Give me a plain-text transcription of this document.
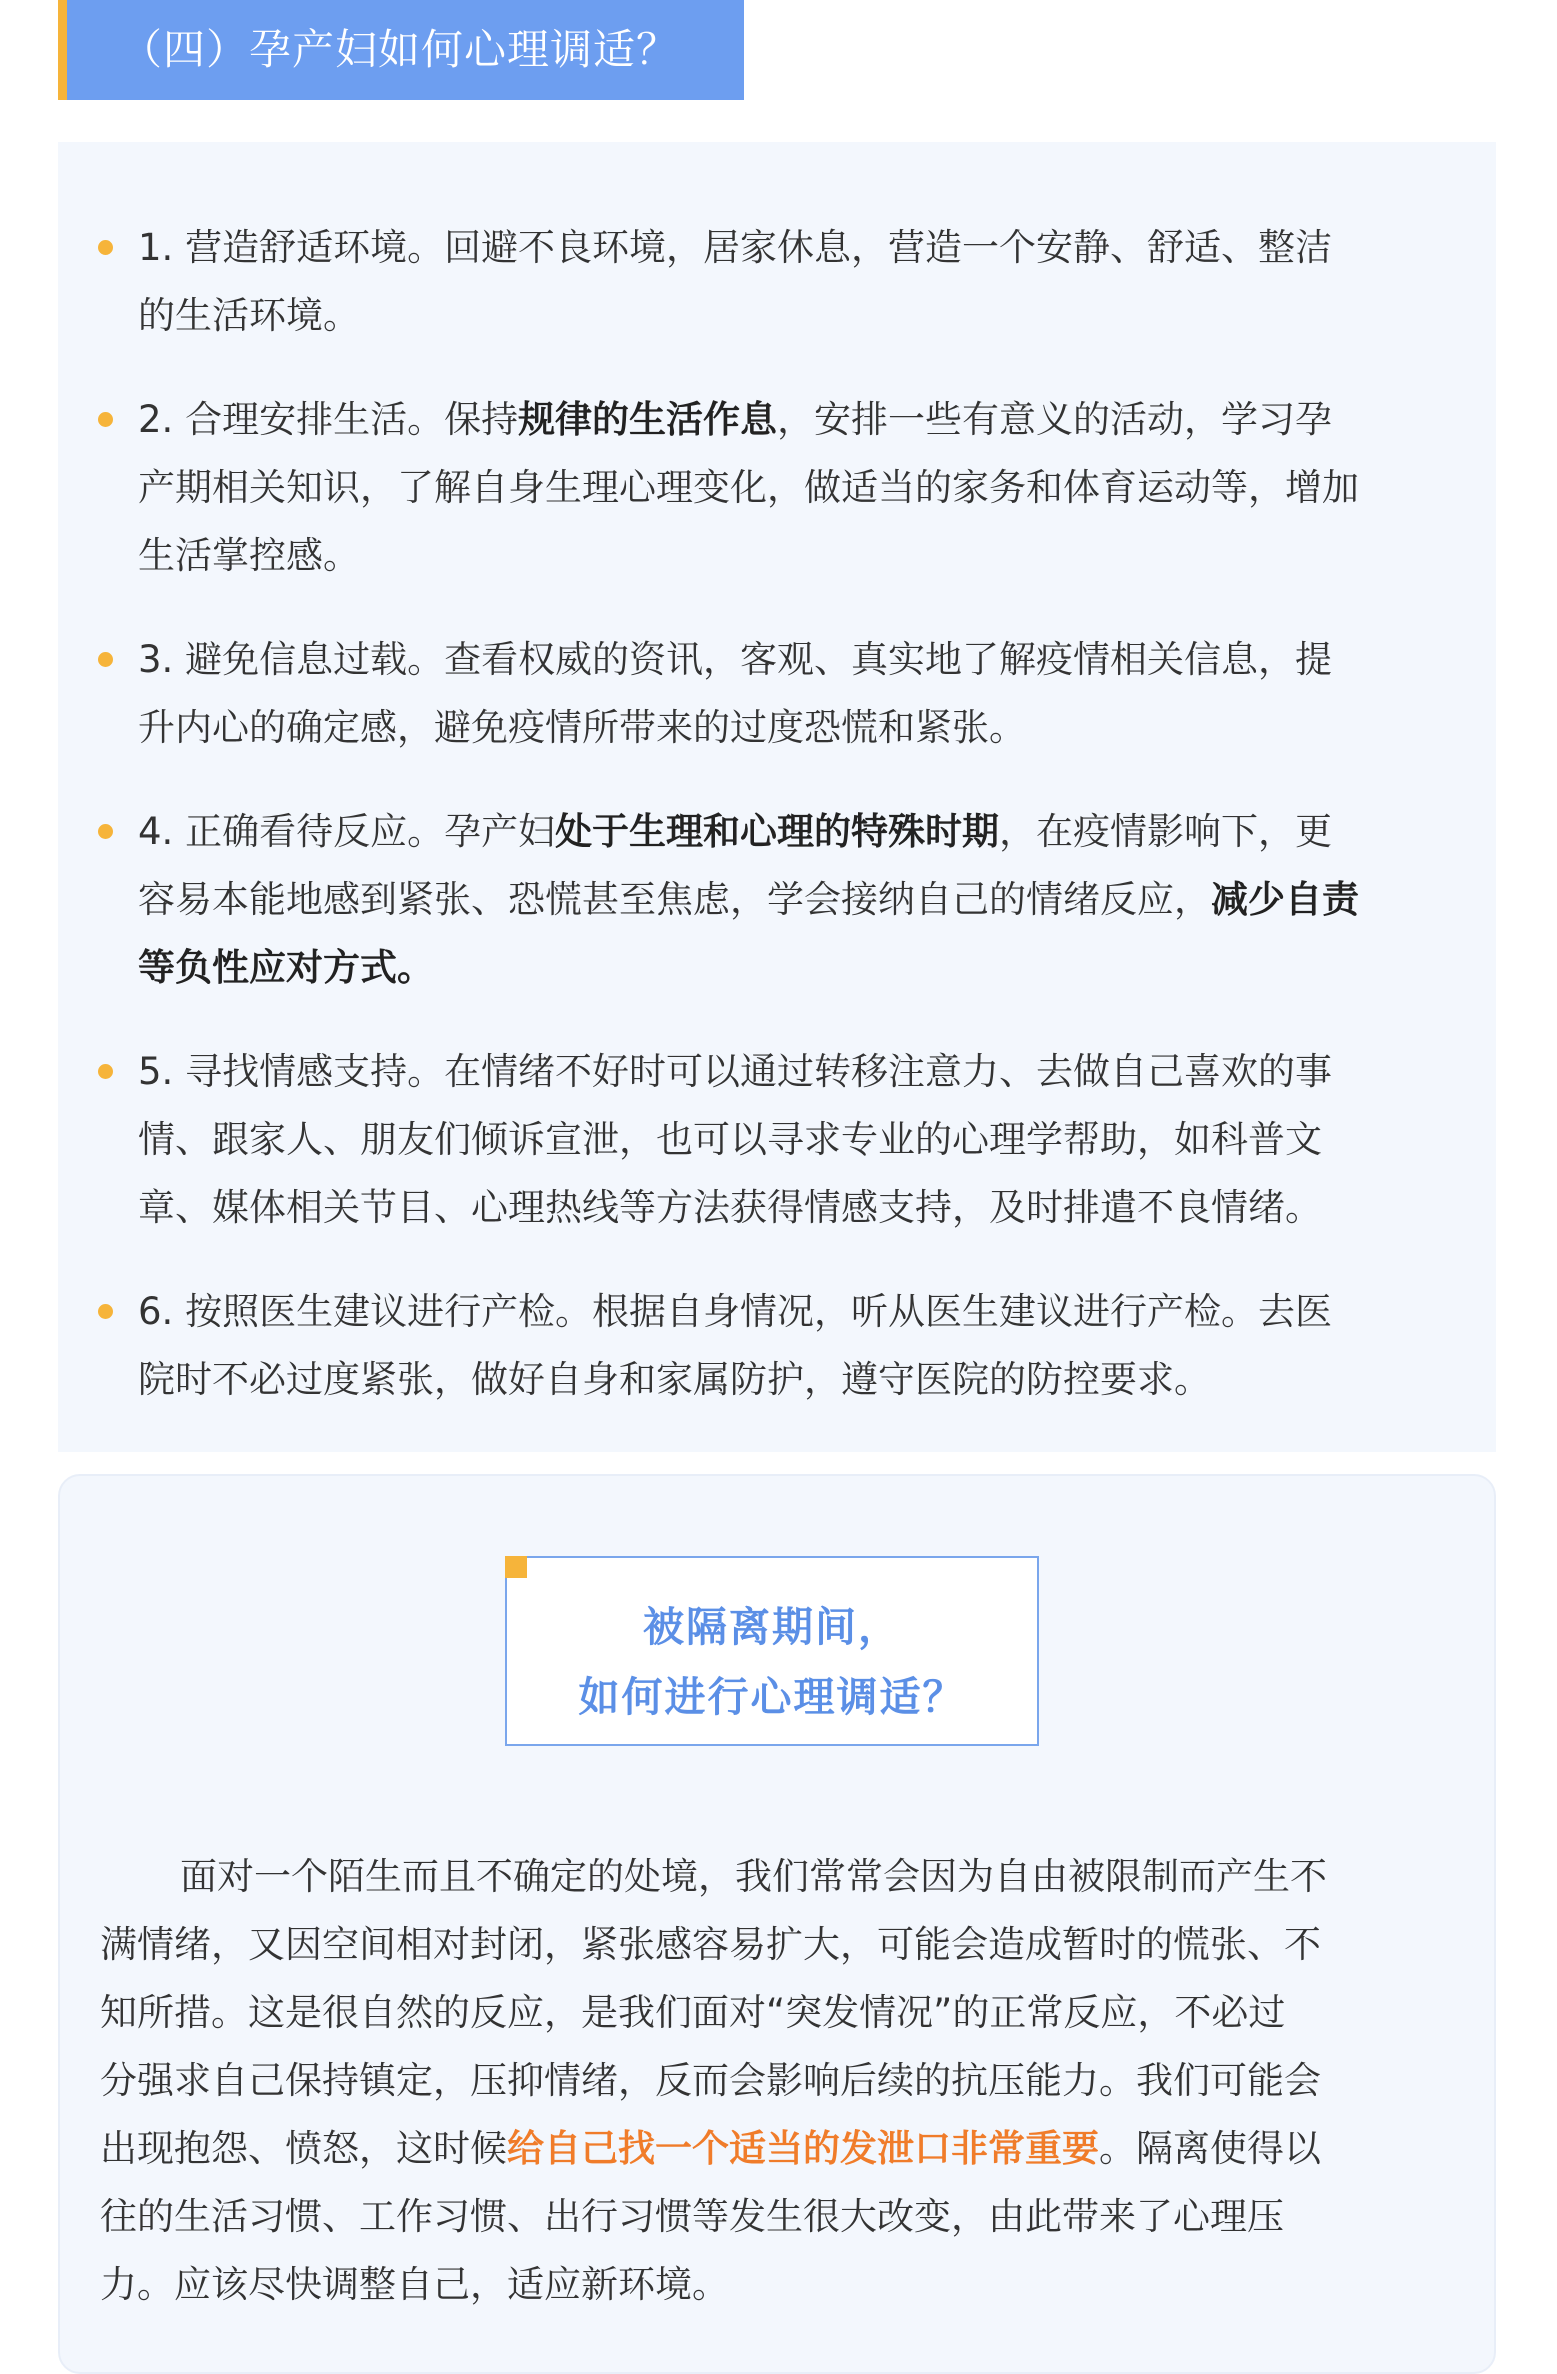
（四）孕产妇如何心理调适？
1. 营造舒适环境。回避不良环境，居家休息，营造一个安静、舒适、整洁
的生活环境。
2. 合理安排生活。保持规律的生活作息，安排一些有意义的活动，学习孕
产期相关知识，了解自身生理心理变化，做适当的家务和体育运动等，增加
生活掌控感。
3. 避免信息过载。查看权威的资讯，客观、真实地了解疫情相关信息，提
升内心的确定感，避免疫情所带来的过度恐慌和紧张。
4. 正确看待反应。孕产妇处于生理和心理的特殊时期，在疫情影响下，更
容易本能地感到紧张、恐慌甚至焦虑，学会接纳自己的情绪反应，减少自责
等负性应对方式。
5. 寻找情感支持。在情绪不好时可以通过转移注意力、去做自己喜欢的事
情、跟家人、朋友们倾诉宣泄，也可以寻求专业的心理学帮助，如科普文
章、媒体相关节目、心理热线等方法获得情感支持，及时排遣不良情绪。
6. 按照医生建议进行产检。根据自身情况，听从医生建议进行产检。去医
院时不必过度紧张，做好自身和家属防护，遵守医院的防控要求。
被隔离期间，
如何进行心理调适？
面对一个陌生而且不确定的处境，我们常常会因为自由被限制而产生不
满情绪，又因空间相对封闭，紧张感容易扩大，可能会造成暂时的慌张、不
知所措。这是很自然的反应，是我们面对“突发情况”的正常反应，不必过
分强求自己保持镇定，压抑情绪，反而会影响后续的抗压能力。我们可能会
出现抱怨、愤怒，这时候给自己找一个适当的发泄口非常重要。隔离使得以
往的生活习惯、工作习惯、出行习惯等发生很大改变，由此带来了心理压
力。应该尽快调整自己，适应新环境。
